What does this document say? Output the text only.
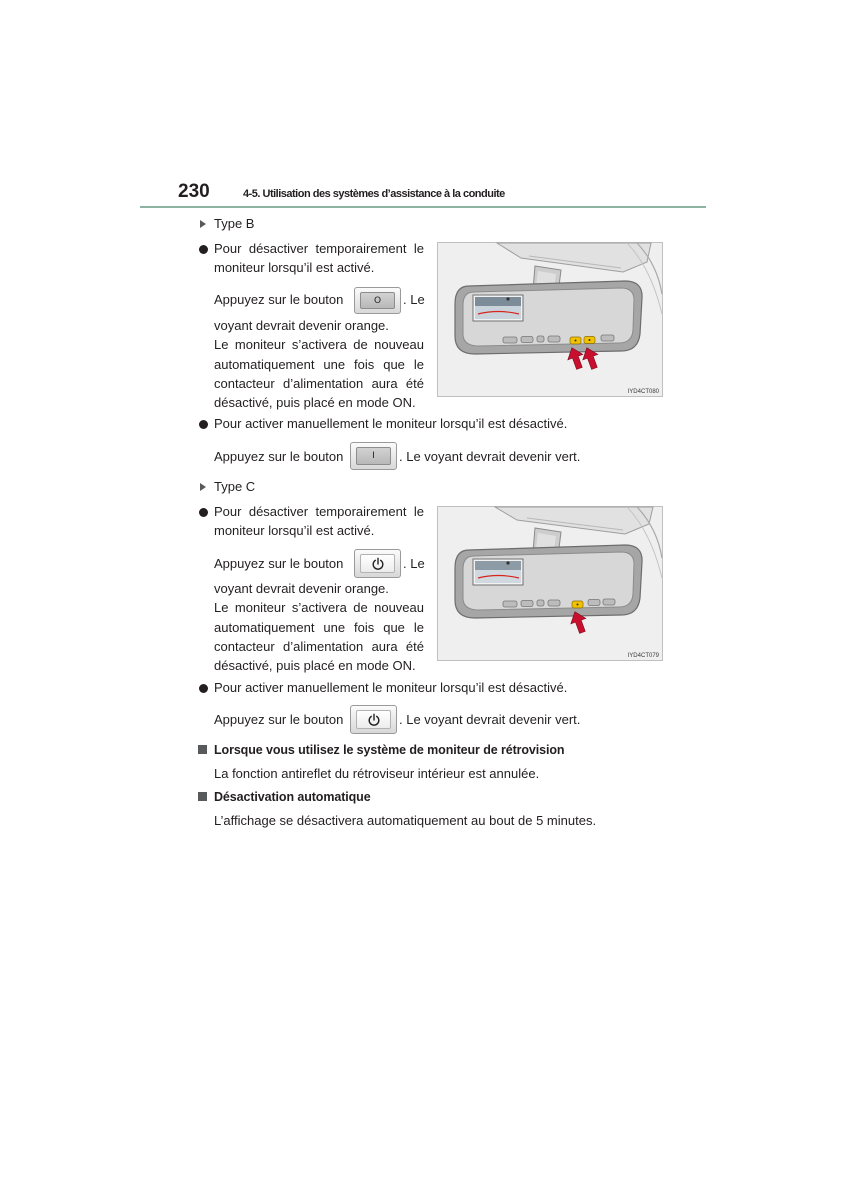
230	4-5. Utilisation des systèmes d’assistance à la conduite
Type B
Pour désactiver temporairement le
moniteur lorsqu’il est activé.
Appuyez sur le bouton	O	. Le
voyant devrait devenir orange.
Le moniteur s’activera de nouveau
automatiquement une fois que le
contacteur d’alimentation aura été
désactivé, puis placé en mode ON.
IYD4CT080
Pour activer manuellement le moniteur lorsqu’il est désactivé.
Appuyez sur le bouton	I	. Le voyant devrait devenir vert.
Type C
Pour désactiver temporairement le
moniteur lorsqu’il est activé.
Appuyez sur le bouton	. Le
voyant devrait devenir orange.
Le moniteur s’activera de nouveau
automatiquement une fois que le
contacteur d’alimentation aura été
désactivé, puis placé en mode ON.
IYD4CT079
Pour activer manuellement le moniteur lorsqu’il est désactivé.
Appuyez sur le bouton	. Le voyant devrait devenir vert.
Lorsque vous utilisez le système de moniteur de rétrovision
La fonction antireflet du rétroviseur intérieur est annulée.
Désactivation automatique
L’affichage se désactivera automatiquement au bout de 5 minutes.
